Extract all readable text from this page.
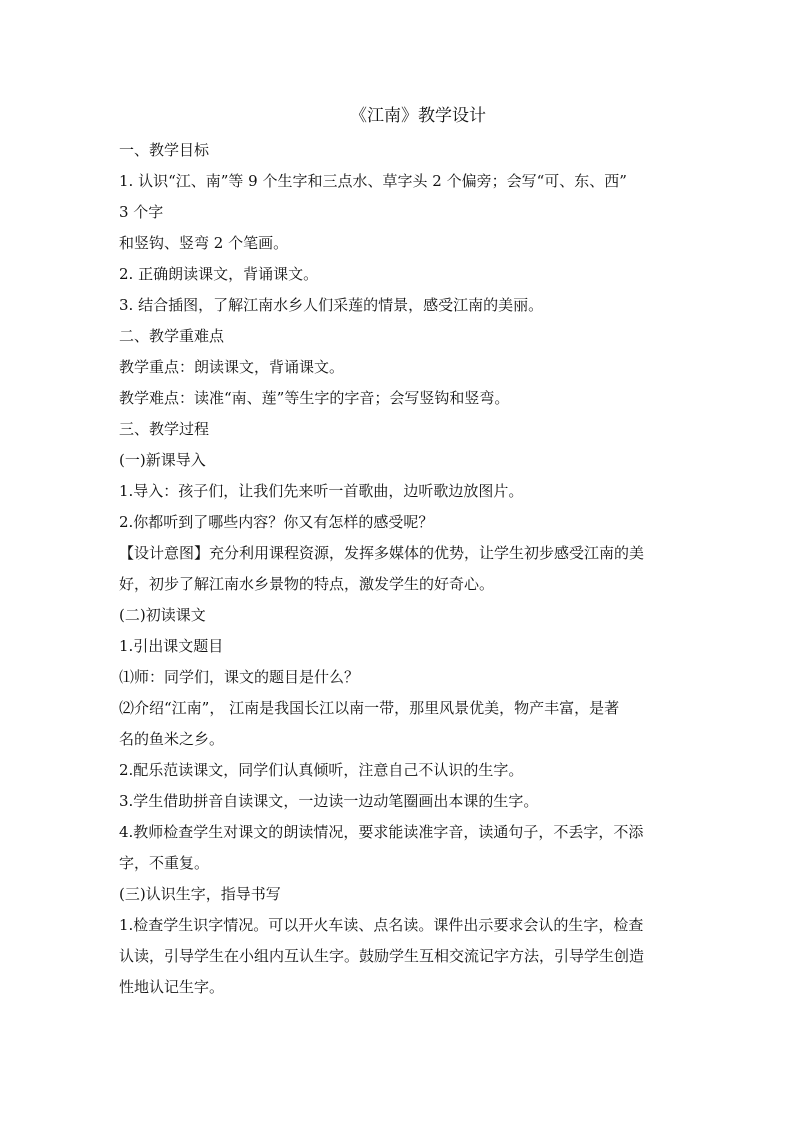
《江南》教学设计
一、教学目标
1. 认识“江、南”等 9 个生字和三点水、草字头 2 个偏旁；会写“可、东、西”
3 个字
和竖钩、竖弯 2 个笔画。
2. 正确朗读课文，背诵课文。
3. 结合插图，了解江南水乡人们采莲的情景，感受江南的美丽。
二、教学重难点
教学重点：朗读课文，背诵课文。
教学难点：读准“南、莲”等生字的字音；会写竖钩和竖弯。
三、教学过程
(一)新课导入
1.导入：孩子们，让我们先来听一首歌曲，边听歌边放图片。
2.你都听到了哪些内容？你又有怎样的感受呢？
【设计意图】充分利用课程资源，发挥多媒体的优势，让学生初步感受江南的美
好，初步了解江南水乡景物的特点，激发学生的好奇心。
(二)初读课文
1.引出课文题目
⑴师：同学们，课文的题目是什么？
⑵介绍“江南”， 江南是我国长江以南一带，那里风景优美，物产丰富，是著
名的鱼米之乡。
2.配乐范读课文，同学们认真倾听，注意自己不认识的生字。
3.学生借助拼音自读课文，一边读一边动笔圈画出本课的生字。
4.教师检查学生对课文的朗读情况，要求能读准字音，读通句子，不丢字，不添
字，不重复。
(三)认识生字，指导书写
1.检查学生识字情况。可以开火车读、点名读。课件出示要求会认的生字，检查
认读，引导学生在小组内互认生字。鼓励学生互相交流记字方法，引导学生创造
性地认记生字。
